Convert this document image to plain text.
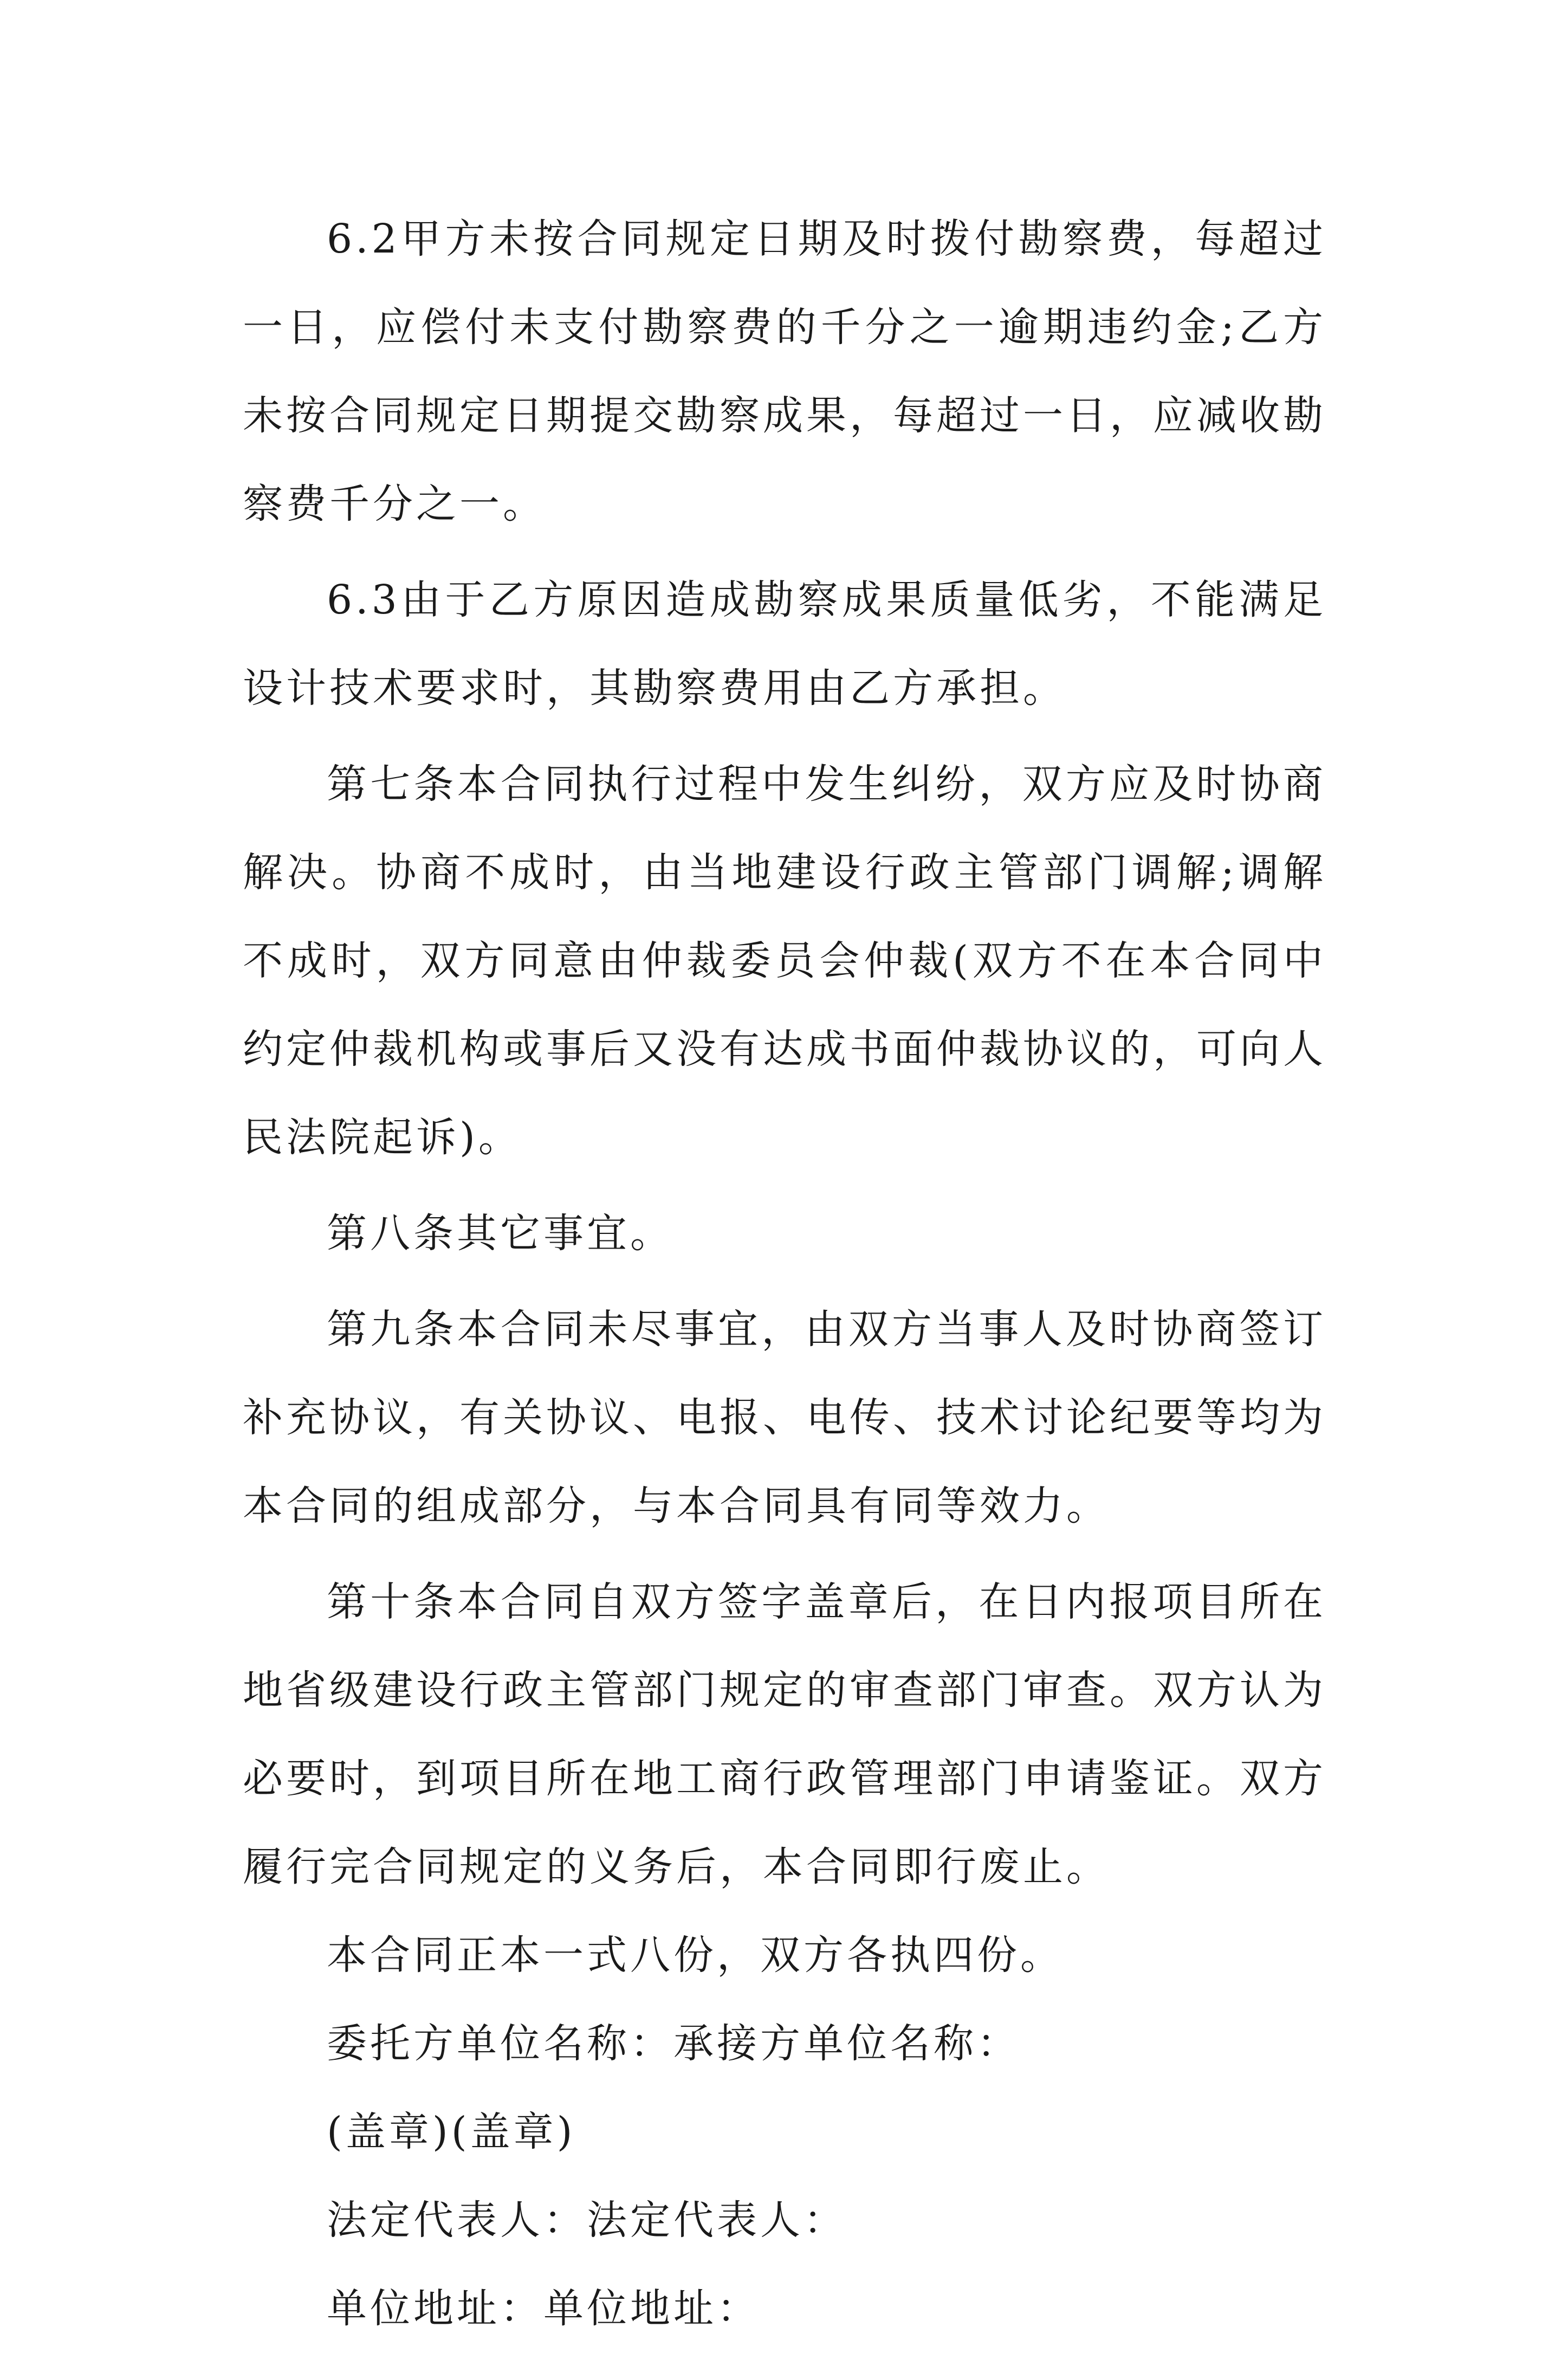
6.2甲方未按合同规定日期及时拨付勘察费，每超过一日，应偿付未支付勘察费的千分之一逾期违约金;乙方未按合同规定日期提交勘察成果，每超过一日，应减收勘察费千分之一。

6.3由于乙方原因造成勘察成果质量低劣，不能满足设计技术要求时，其勘察费用由乙方承担。

第七条本合同执行过程中发生纠纷，双方应及时协商解决。协商不成时，由当地建设行政主管部门调解;调解不成时，双方同意由仲裁委员会仲裁(双方不在本合同中约定仲裁机构或事后又没有达成书面仲裁协议的，可向人民法院起诉)。

第八条其它事宜。

第九条本合同未尽事宜，由双方当事人及时协商签订补充协议，有关协议、电报、电传、技术讨论纪要等均为本合同的组成部分，与本合同具有同等效力。

第十条本合同自双方签字盖章后，在日内报项目所在地省级建设行政主管部门规定的审查部门审查。双方认为必要时，到项目所在地工商行政管理部门申请鉴证。双方履行完合同规定的义务后，本合同即行废止。

本合同正本一式八份，双方各执四份。

委托方单位名称：承接方单位名称：

(盖章)(盖章)

法定代表人：法定代表人：

单位地址：单位地址：
